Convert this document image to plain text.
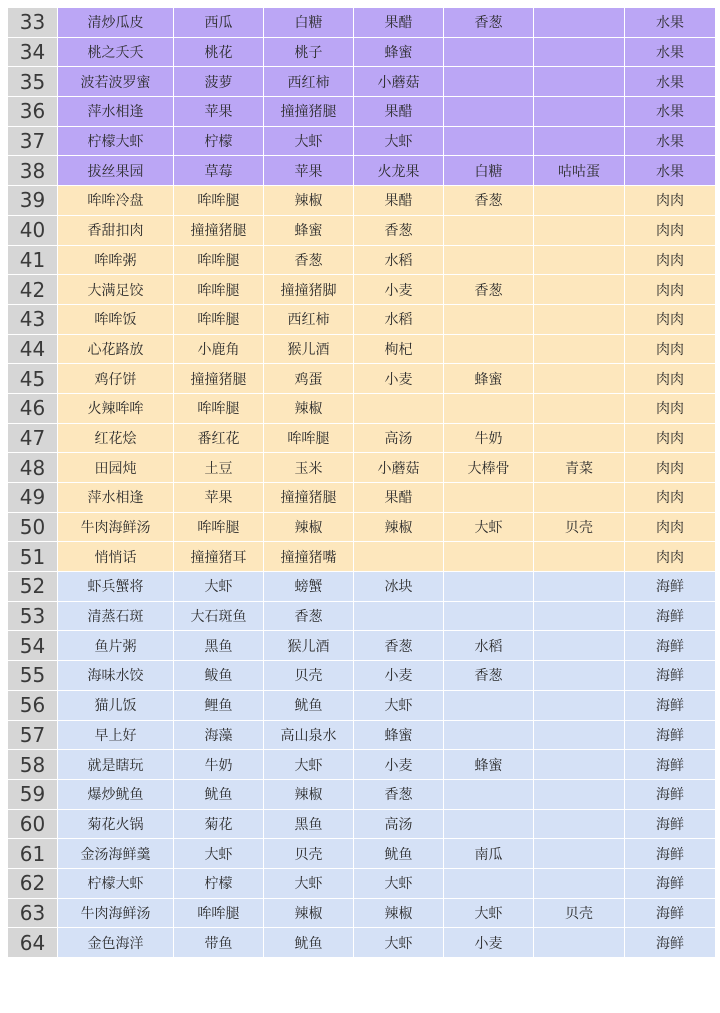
33	清炒瓜皮	西瓜	白糖	果醋	香葱		水果
34	桃之夭夭	桃花	桃子	蜂蜜			水果
35	波若波罗蜜	菠萝	西红柿	小蘑菇			水果
36	萍水相逢	苹果	撞撞猪腿	果醋			水果
37	柠檬大虾	柠檬	大虾	大虾			水果
38	拔丝果园	草莓	苹果	火龙果	白糖	咕咕蛋	水果
39	哞哞冷盘	哞哞腿	辣椒	果醋	香葱		肉肉
40	香甜扣肉	撞撞猪腿	蜂蜜	香葱			肉肉
41	哞哞粥	哞哞腿	香葱	水稻			肉肉
42	大满足饺	哞哞腿	撞撞猪脚	小麦	香葱		肉肉
43	哞哞饭	哞哞腿	西红柿	水稻			肉肉
44	心花路放	小鹿角	猴儿酒	枸杞			肉肉
45	鸡仔饼	撞撞猪腿	鸡蛋	小麦	蜂蜜		肉肉
46	火辣哞哞	哞哞腿	辣椒				肉肉
47	红花烩	番红花	哞哞腿	高汤	牛奶		肉肉
48	田园炖	土豆	玉米	小蘑菇	大棒骨	青菜	肉肉
49	萍水相逢	苹果	撞撞猪腿	果醋			肉肉
50	牛肉海鲜汤	哞哞腿	辣椒	辣椒	大虾	贝壳	肉肉
51	悄悄话	撞撞猪耳	撞撞猪嘴				肉肉
52	虾兵蟹将	大虾	螃蟹	冰块			海鲜
53	清蒸石斑	大石斑鱼	香葱				海鲜
54	鱼片粥	黑鱼	猴儿酒	香葱	水稻		海鲜
55	海味水饺	鲅鱼	贝壳	小麦	香葱		海鲜
56	猫儿饭	鲤鱼	鱿鱼	大虾			海鲜
57	早上好	海藻	高山泉水	蜂蜜			海鲜
58	就是瞎玩	牛奶	大虾	小麦	蜂蜜		海鲜
59	爆炒鱿鱼	鱿鱼	辣椒	香葱			海鲜
60	菊花火锅	菊花	黑鱼	高汤			海鲜
61	金汤海鲜羹	大虾	贝壳	鱿鱼	南瓜		海鲜
62	柠檬大虾	柠檬	大虾	大虾			海鲜
63	牛肉海鲜汤	哞哞腿	辣椒	辣椒	大虾	贝壳	海鲜
64	金色海洋	带鱼	鱿鱼	大虾	小麦		海鲜
